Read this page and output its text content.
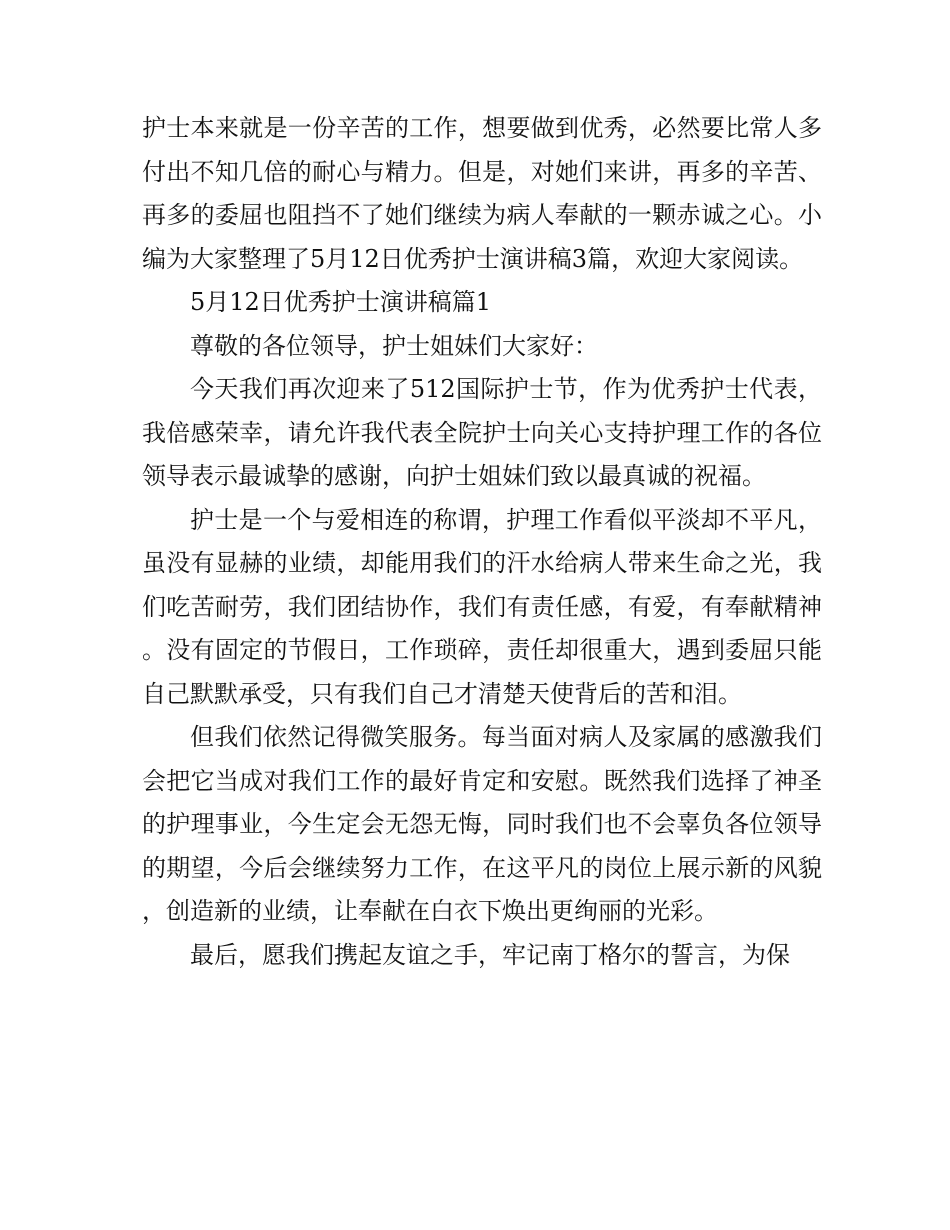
护士本来就是一份辛苦的工作，想要做到优秀，必然要比常人多付出不知几倍的耐心与精力。但是，对她们来讲，再多的辛苦、再多的委屈也阻挡不了她们继续为病人奉献的一颗赤诚之心。小编为大家整理了5月12日优秀护士演讲稿3篇，欢迎大家阅读。

5月12日优秀护士演讲稿篇1

尊敬的各位领导，护士姐妹们大家好：

今天我们再次迎来了512国际护士节，作为优秀护士代表，我倍感荣幸，请允许我代表全院护士向关心支持护理工作的各位领导表示最诚挚的感谢，向护士姐妹们致以最真诚的祝福。

护士是一个与爱相连的称谓，护理工作看似平淡却不平凡，虽没有显赫的业绩，却能用我们的汗水给病人带来生命之光，我们吃苦耐劳，我们团结协作，我们有责任感，有爱，有奉献精神。没有固定的节假日，工作琐碎，责任却很重大，遇到委屈只能自己默默承受，只有我们自己才清楚天使背后的苦和泪。

但我们依然记得微笑服务。每当面对病人及家属的感激我们会把它当成对我们工作的最好肯定和安慰。既然我们选择了神圣的护理事业，今生定会无怨无悔，同时我们也不会辜负各位领导的期望，今后会继续努力工作，在这平凡的岗位上展示新的风貌，创造新的业绩，让奉献在白衣下焕出更绚丽的光彩。

最后，愿我们携起友谊之手，牢记南丁格尔的誓言，为保
